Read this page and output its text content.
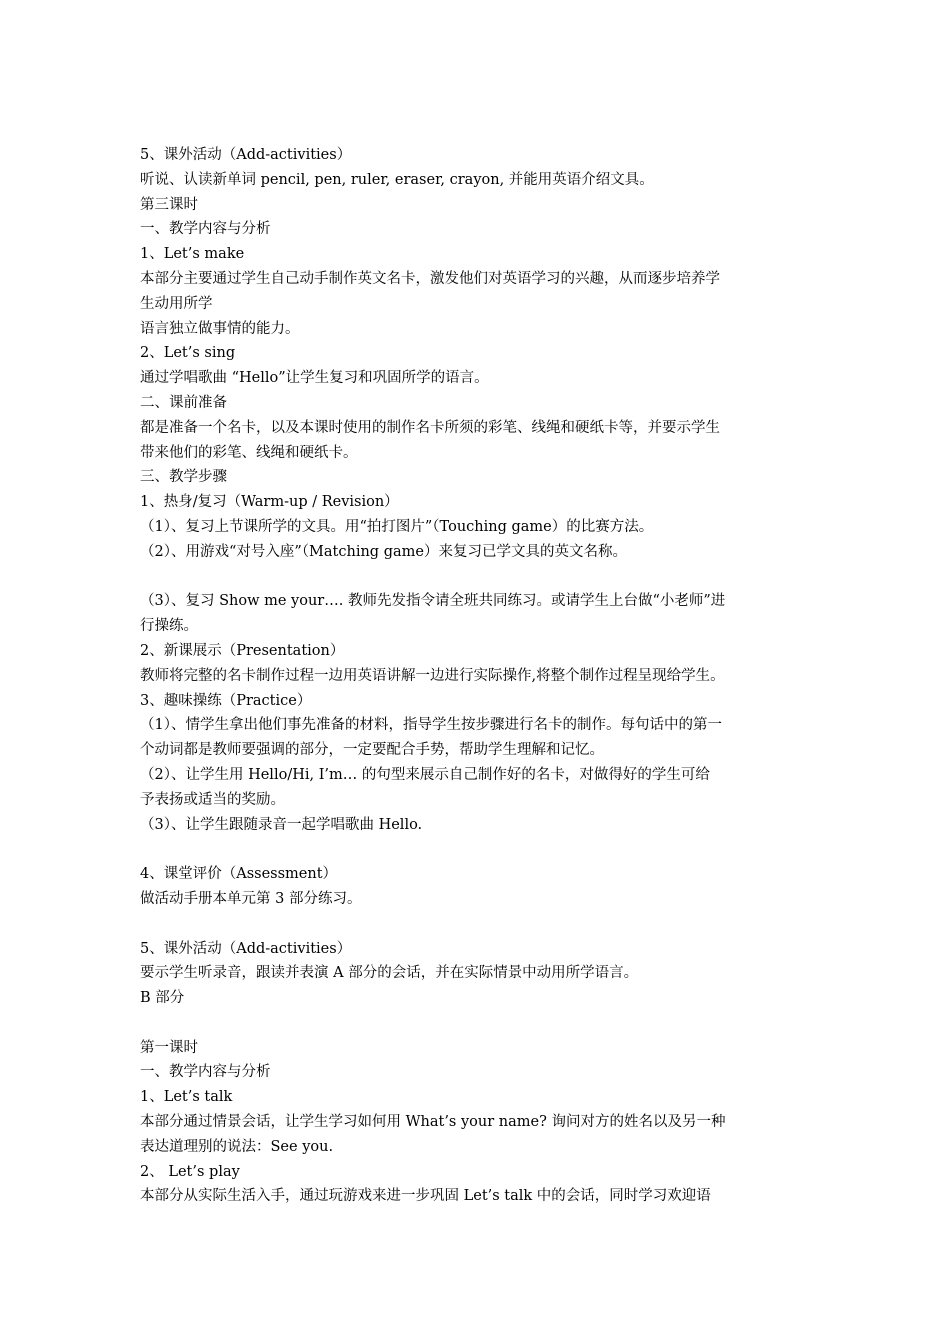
5、课外活动（Add-activities）
听说、认读新单词 pencil, pen, ruler, eraser, crayon, 并能用英语介绍文具。
第三课时
一、教学内容与分析
1、Let’s make
本部分主要通过学生自己动手制作英文名卡，激发他们对英语学习的兴趣，从而逐步培养学
生动用所学
语言独立做事情的能力。
2、Let’s sing
通过学唱歌曲 “Hello”让学生复习和巩固所学的语言。
二、课前准备
都是准备一个名卡，以及本课时使用的制作名卡所须的彩笔、线绳和硬纸卡等，并要示学生
带来他们的彩笔、线绳和硬纸卡。
三、教学步骤
1、热身/复习（Warm-up / Revision）
（1）、复习上节课所学的文具。用“拍打图片”（Touching game）的比赛方法。
（2）、用游戏“对号入座”（Matching game）来复习已学文具的英文名称。
（3）、复习 Show me your…. 教师先发指令请全班共同练习。或请学生上台做“小老师”进
行操练。
2、新课展示（Presentation）
教师将完整的名卡制作过程一边用英语讲解一边进行实际操作,将整个制作过程呈现给学生。
3、趣味操练（Practice）
（1）、情学生拿出他们事先准备的材料，指导学生按步骤进行名卡的制作。每句话中的第一
个动词都是教师要强调的部分，一定要配合手势，帮助学生理解和记忆。
（2）、让学生用 Hello/Hi, I’m… 的句型来展示自己制作好的名卡，对做得好的学生可给
予表扬或适当的奖励。
（3）、让学生跟随录音一起学唱歌曲 Hello.
4、课堂评价（Assessment）
做活动手册本单元第 3 部分练习。
5、课外活动（Add-activities）
要示学生听录音，跟读并表演 A 部分的会话，并在实际情景中动用所学语言。
B 部分
第一课时
一、教学内容与分析
1、Let’s talk
本部分通过情景会话，让学生学习如何用 What’s your name? 询问对方的姓名以及另一种
表达道理别的说法：See you.
2、 Let’s play
本部分从实际生活入手，通过玩游戏来进一步巩固 Let’s talk 中的会话，同时学习欢迎语
